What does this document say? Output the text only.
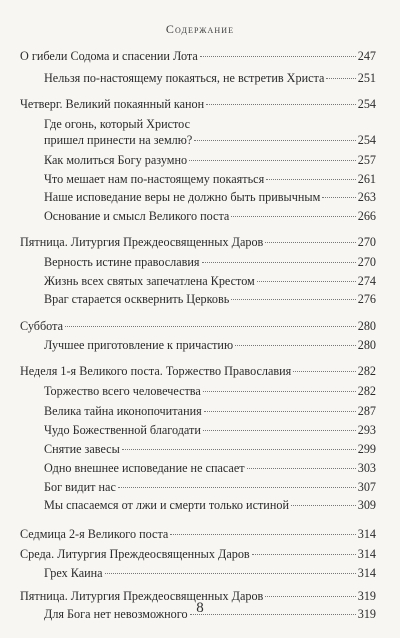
Содержание
О гибели Содома и спасении Лота	247
Нельзя по-настоящему покаяться, не встретив Христа	251
Четверг. Великий покаянный канон	254
Где огонь, который Христос
пришел принести на землю?	254
Как молиться Богу разумно	257
Что мешает нам по-настоящему покаяться	261
Наше исповедание веры не должно быть привычным	263
Основание и смысл Великого поста	266
Пятница. Литургия Преждеосвященных Даров	270
Верность истине православия	270
Жизнь всех святых запечатлена Крестом	274
Враг старается осквернить Церковь	276
Суббота	280
Лучшее приготовление к причастию	280
Неделя 1-я Великого поста. Торжество Православия	282
Торжество всего человечества	282
Велика тайна иконопочитания	287
Чудо Божественной благодати	293
Снятие завесы	299
Одно внешнее исповедание не спасает	303
Бог видит нас	307
Мы спасаемся от лжи и смерти только истиной	309
Седмица 2-я Великого поста	314
Среда. Литургия Преждеосвященных Даров	314
Грех Каина	314
Пятница. Литургия Преждеосвященных Даров	319
Для Бога нет невозможного	319
8
